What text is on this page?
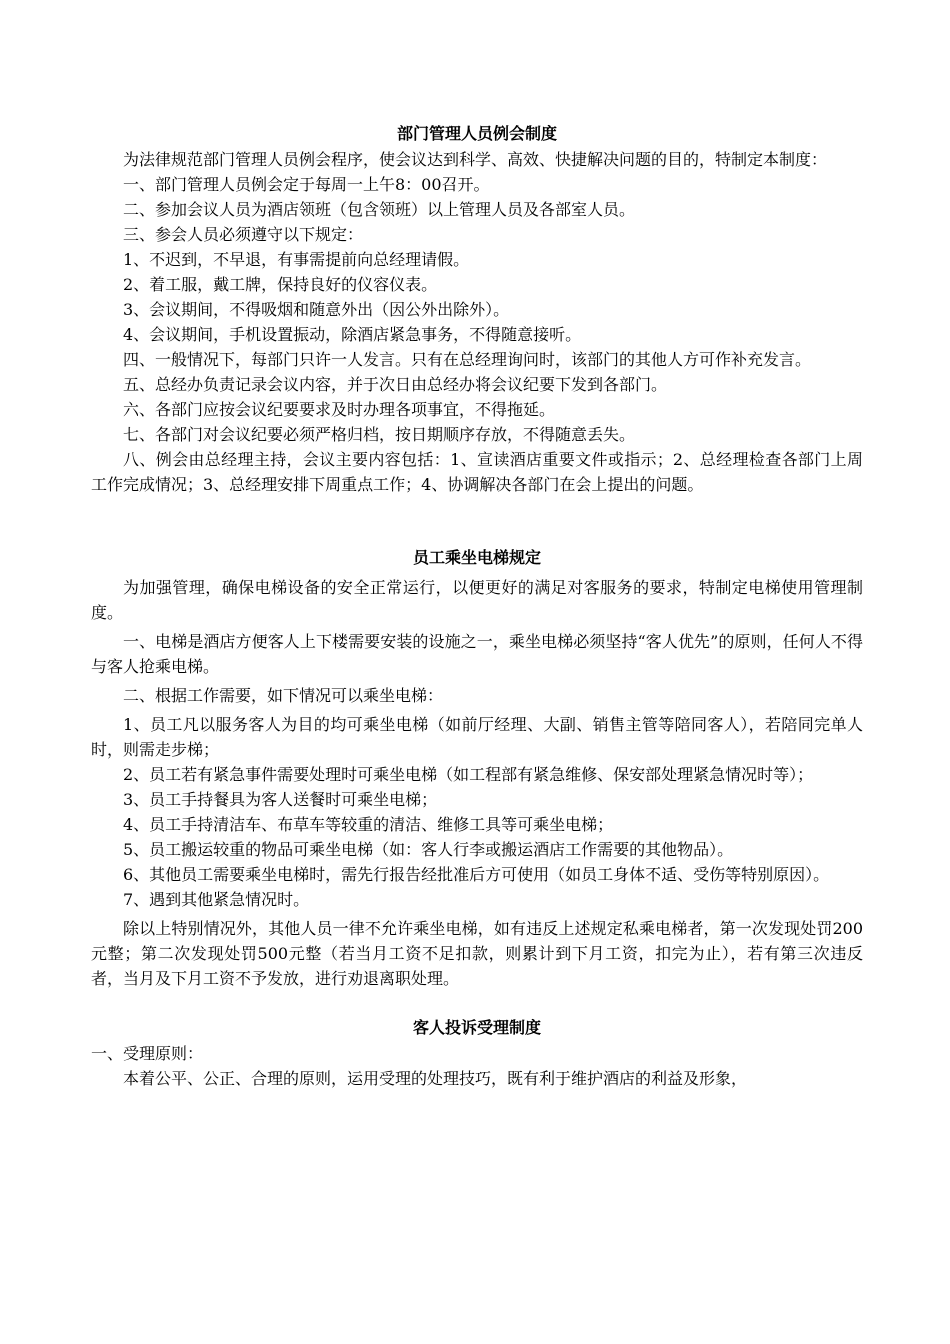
部门管理人员例会制度

为法律规范部门管理人员例会程序，使会议达到科学、高效、快捷解决问题的目的，特制定本制度：

一、部门管理人员例会定于每周一上午8：00召开。

二、参加会议人员为酒店领班（包含领班）以上管理人员及各部室人员。

三、参会人员必须遵守以下规定：

1、不迟到，不早退，有事需提前向总经理请假。

2、着工服，戴工牌，保持良好的仪容仪表。

3、会议期间，不得吸烟和随意外出（因公外出除外）。

4、会议期间，手机设置振动，除酒店紧急事务，不得随意接听。

四、一般情况下，每部门只许一人发言。只有在总经理询问时，该部门的其他人方可作补充发言。

五、总经办负责记录会议内容，并于次日由总经办将会议纪要下发到各部门。

六、各部门应按会议纪要要求及时办理各项事宜，不得拖延。

七、各部门对会议纪要必须严格归档，按日期顺序存放，不得随意丢失。

八、例会由总经理主持，会议主要内容包括：1、宣读酒店重要文件或指示；2、总经理检查各部门上周工作完成情况；3、总经理安排下周重点工作；4、协调解决各部门在会上提出的问题。

员工乘坐电梯规定

为加强管理，确保电梯设备的安全正常运行，以便更好的满足对客服务的要求，特制定电梯使用管理制度。

一、电梯是酒店方便客人上下楼需要安装的设施之一，乘坐电梯必须坚持“客人优先”的原则，任何人不得与客人抢乘电梯。

二、根据工作需要，如下情况可以乘坐电梯：

1、员工凡以服务客人为目的均可乘坐电梯（如前厅经理、大副、销售主管等陪同客人），若陪同完单人时，则需走步梯；

2、员工若有紧急事件需要处理时可乘坐电梯（如工程部有紧急维修、保安部处理紧急情况时等）；

3、员工手持餐具为客人送餐时可乘坐电梯；

4、员工手持清洁车、布草车等较重的清洁、维修工具等可乘坐电梯；

5、员工搬运较重的物品可乘坐电梯（如：客人行李或搬运酒店工作需要的其他物品）。

6、其他员工需要乘坐电梯时，需先行报告经批准后方可使用（如员工身体不适、受伤等特别原因）。

7、遇到其他紧急情况时。

除以上特别情况外，其他人员一律不允许乘坐电梯，如有违反上述规定私乘电梯者，第一次发现处罚200元整；第二次发现处罚500元整（若当月工资不足扣款，则累计到下月工资，扣完为止），若有第三次违反者，当月及下月工资不予发放，进行劝退离职处理。

客人投诉受理制度

一、受理原则：

本着公平、公正、合理的原则，运用受理的处理技巧，既有利于维护酒店的利益及形象，
